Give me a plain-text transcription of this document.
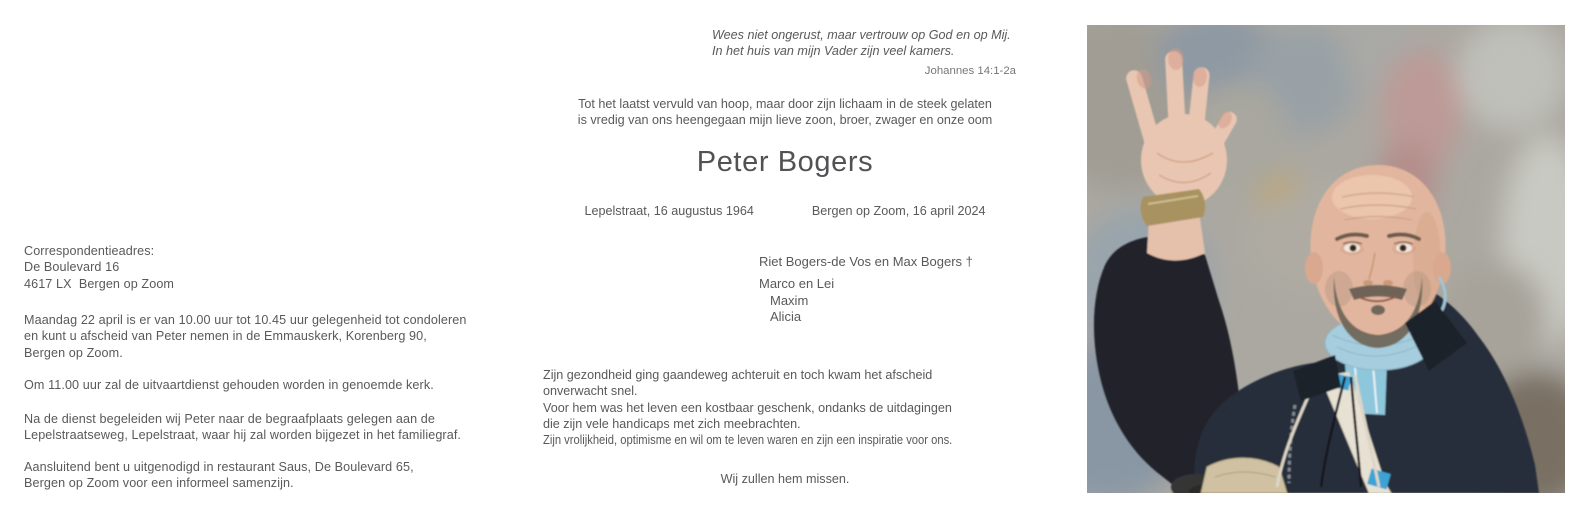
Correspondentieadres:
De Boulevard 16
4617 LX  Bergen op Zoom
Maandag 22 april is er van 10.00 uur tot 10.45 uur gelegenheid tot condoleren
en kunt u afscheid van Peter nemen in de Emmauskerk, Korenberg 90,
Bergen op Zoom.
Om 11.00 uur zal de uitvaartdienst gehouden worden in genoemde kerk.
Na de dienst begeleiden wij Peter naar de begraafplaats gelegen aan de
Lepelstraatseweg, Lepelstraat, waar hij zal worden bijgezet in het familiegraf.
Aansluitend bent u uitgenodigd in restaurant Saus, De Boulevard 65,
Bergen op Zoom voor een informeel samenzijn.
Wees niet ongerust, maar vertrouw op God en op Mij.
In het huis van mijn Vader zijn veel kamers.
Johannes 14:1-2a
Tot het laatst vervuld van hoop, maar door zijn lichaam in de steek gelaten
is vredig van ons heengegaan mijn lieve zoon, broer, zwager en onze oom
Peter Bogers
Lepelstraat, 16 augustus 1964	Bergen op Zoom, 16 april 2024
Riet Bogers-de Vos en Max Bogers †
Marco en Lei
Maxim
Alicia
Zijn gezondheid ging gaandeweg achteruit en toch kwam het afscheid
onverwacht snel.
Voor hem was het leven een kostbaar geschenk, ondanks de uitdagingen
die zijn vele handicaps met zich meebrachten.
Zijn vrolijkheid, optimisme en wil om te leven waren en zijn een inspiratie voor ons.
Wij zullen hem missen.
